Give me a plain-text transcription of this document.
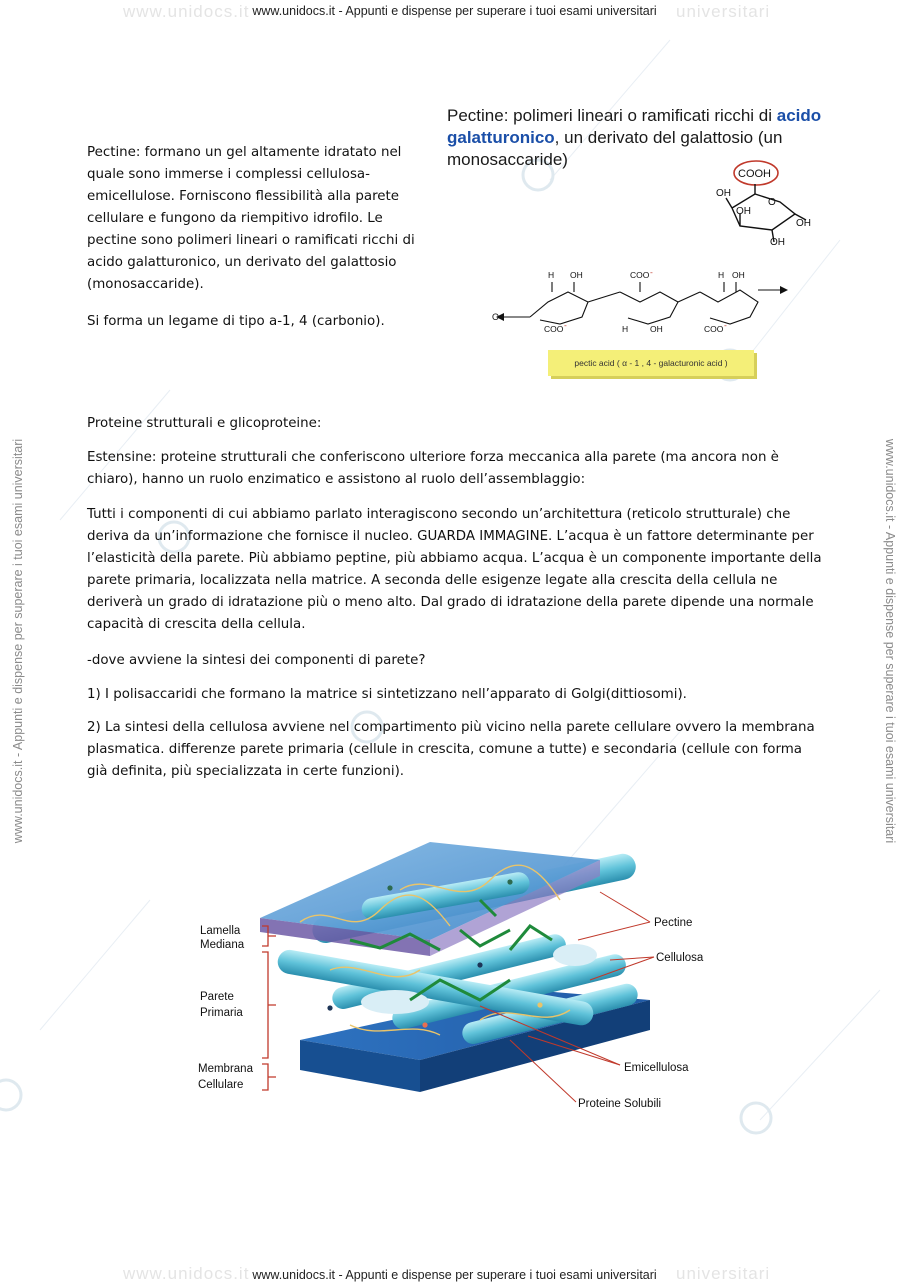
www.unidocs.it	universitari
www.unidocs.it - Appunti e dispense per superare i tuoi esami universitari
www.unidocs.it	universitari
www.unidocs.it - Appunti e dispense per superare i tuoi esami universitari
www.unidocs.it - Appunti e dispense per superare i tuoi esami universitari	www.unidocs.it - Appunti e dispense per superare i tuoi esami universitari
Pectine: formano un gel altamente idratato nel quale sono immerse i complessi cellulosa-emicellulose. Forniscono flessibilità alla parete cellulare e fungono da riempitivo idrofilo. Le pectine sono polimeri lineari o ramificati ricchi di acido galatturonico, un derivato del galattosio (monosaccaride).
Si forma un legame di tipo a-1, 4 (carbonio).
Pectine: polimeri lineari o ramificati ricchi di acido galatturonico, un derivato del galattosio (un monosaccaride)
COOH
O
OH
OH
OH
OH
O
H OH	COO -	H OH
COO -	H	OH	COO -
pectic acid ( α - 1 , 4 - galacturonic acid )
Proteine strutturali e glicoproteine:
Estensine: proteine strutturali che conferiscono ulteriore forza meccanica alla parete (ma ancora non è chiaro), hanno un ruolo enzimatico e assistono al ruolo dell’assemblaggio:
Tutti i componenti di cui abbiamo parlato interagiscono secondo un’architettura (reticolo strutturale) che deriva da un’informazione che fornisce il nucleo. GUARDA IMMAGINE. L’acqua è un fattore determinante per l’elasticità della parete. Più abbiamo peptine, più abbiamo acqua. L’acqua è un componente importante della parete primaria, localizzata nella matrice. A seconda delle esigenze legate alla crescita della cellula ne deriverà un grado di idratazione più o meno alto. Dal grado di idratazione della parete dipende una normale capacità di crescita della cellula.
-dove avviene la sintesi dei componenti di parete?
1) I polisaccaridi che formano la matrice si sintetizzano nell’apparato di Golgi(dittiosomi).
2) La sintesi della cellulosa avviene nel compartimento più vicino nella parete cellulare ovvero la membrana plasmatica. differenze parete primaria (cellule in crescita, comune a tutte) e secondaria (cellule con forma già definita, più specializzata in certe funzioni).
Lamella
Mediana
Parete
Primaria
Membrana
Cellulare
Pectine
Cellulosa
Emicellulosa
Proteine Solubili
